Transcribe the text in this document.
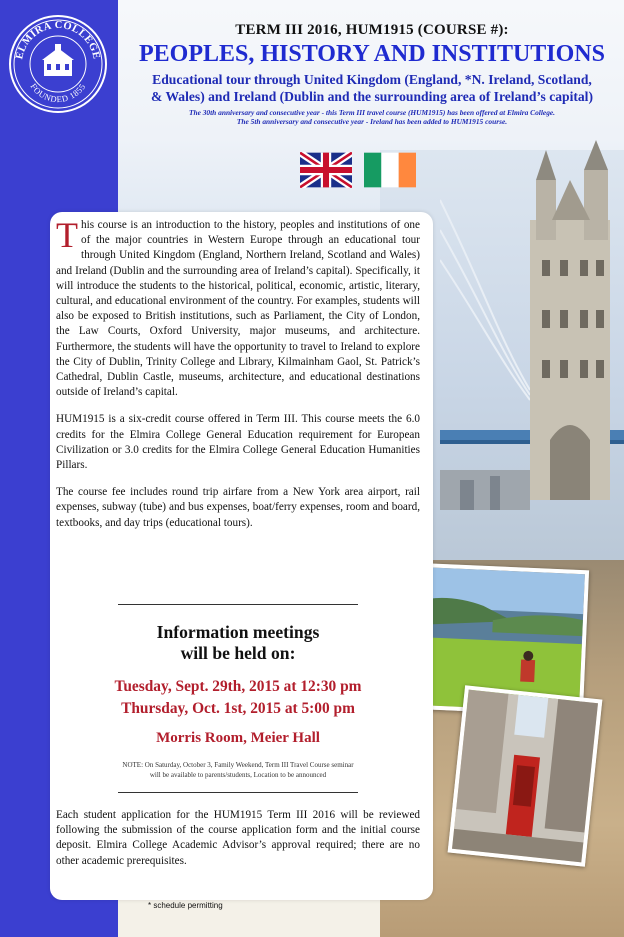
ELMIRA COLLEGE
FOUNDED 1855
TERM III 2016, HUM1915 (COURSE #):
PEOPLES, HISTORY AND INSTITUTIONS
Educational tour through United Kingdom (England, *N. Ireland, Scotland,
& Wales) and Ireland (Dublin and the surrounding area of Ireland’s capital)
The 30th anniversary and consecutive year - this Term III travel course (HUM1915) has been offered at Elmira College.
The 5th anniversary and consecutive year - Ireland has been added to HUM1915 course.

This course is an introduction to the history, peoples and institutions of one of the major countries in Western Europe through an educational tour through United Kingdom (England, Northern Ireland, Scotland and Wales) and Ireland (Dublin and the surrounding area of Ireland’s capital). Specifically, it will introduce the students to the historical, political, economic, artistic, literary, cultural, and educational environment of the country. For examples, students will also be exposed to British institutions, such as Parliament, the City of London, the Law Courts, Oxford University, major museums, and architecture. Furthermore, the students will have the opportunity to travel to Ireland to explore the City of Dublin, Trinity College and Library, Kilmainham Gaol, St. Patrick’s Cathedral, Dublin Castle, museums, architecture, and educational destinations outside of Ireland’s capital.

HUM1915 is a six-credit course offered in Term III. This course meets the 6.0 credits for the Elmira College General Education requirement for European Civilization or 3.0 credits for the Elmira College General Education Humanities Pillars.

The course fee includes round trip airfare from a New York area airport, rail expenses, subway (tube) and bus expenses, boat/ferry expenses, room and board, textbooks, and day trips (educational tours).

Information meetings
will be held on:
Tuesday, Sept. 29th, 2015 at 12:30 pm
Thursday, Oct. 1st, 2015 at 5:00 pm
Morris Room, Meier Hall
NOTE: On Saturday, October 3, Family Weekend, Term III Travel Course seminar
will be available to parents/students, Location to be announced
Each student application for the HUM1915 Term III 2016 will be reviewed following the submission of the course application form and the initial course deposit. Elmira College Academic Advisor’s approval required; there are no other academic prerequisites.
* schedule permitting
